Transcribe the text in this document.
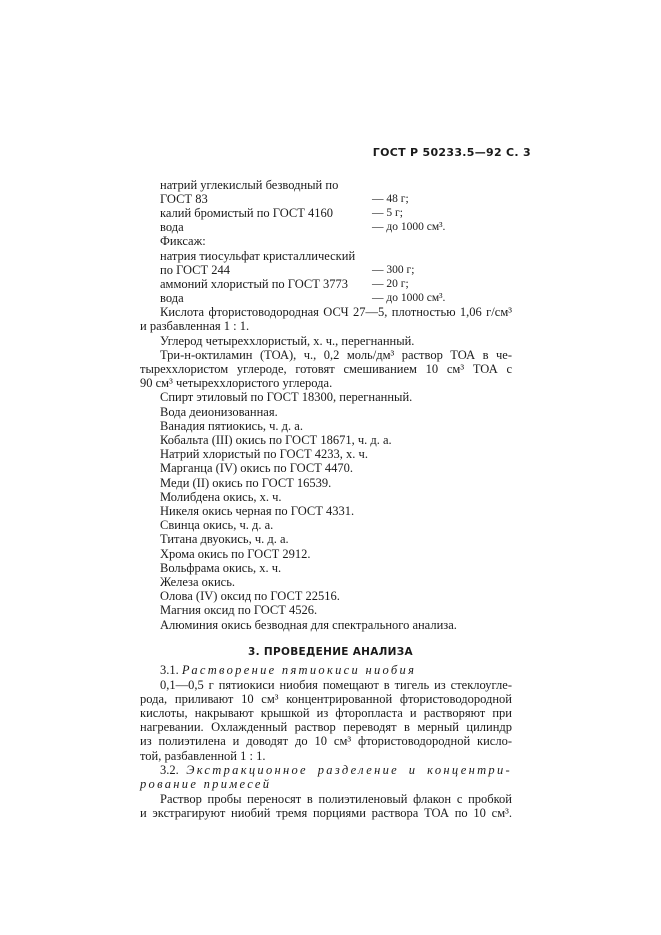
ГОСТ Р 50233.5—92 С. 3
натрий углекислый безводный по
ГОСТ 83	— 48 г;
калий бромистый по ГОСТ 4160	— 5 г;
вода	— до 1000 см³.
Фиксаж:
натрия тиосульфат кристаллический
по ГОСТ 244	— 300 г;
аммоний хлористый по ГОСТ 3773 — 20 г;
вода	— до 1000 см³.
Кислота фтористоводородная ОСЧ 27—5, плотностью 1,06 г/см³
и разбавленная 1 : 1.
Углерод четыреххлористый, х. ч., перегнанный.
Три-н-октиламин (ТОА), ч., 0,2 моль/дм³ раствор ТОА в че-
тыреххлористом углероде, готовят смешиванием 10 см³ ТОА с
90 см³ четыреххлористого углерода.
Спирт этиловый по ГОСТ 18300, перегнанный.
Вода деионизованная.
Ванадия пятиокись, ч. д. а.
Кобальта (III) окись по ГОСТ 18671, ч. д. а.
Натрий хлористый по ГОСТ 4233, х. ч.
Марганца (IV) окись по ГОСТ 4470.
Меди (II) окись по ГОСТ 16539.
Молибдена окись, х. ч.
Никеля окись черная по ГОСТ 4331.
Свинца окись, ч. д. а.
Титана двуокись, ч. д. а.
Хрома окись по ГОСТ 2912.
Вольфрама окись, х. ч.
Железа окись.
Олова (IV) оксид по ГОСТ 22516.
Магния оксид по ГОСТ 4526.
Алюминия окись безводная для спектрального анализа.
3. ПРОВЕДЕНИЕ АНАЛИЗА
3.1. Растворение пятиокиси ниобия
0,1—0,5 г пятиокиси ниобия помещают в тигель из стеклоугле-
рода, приливают 10 см³ концентрированной фтористоводородной
кислоты, накрывают крышкой из фторопласта и растворяют при
нагревании. Охлажденный раствор переводят в мерный цилиндр
из полиэтилена и доводят до 10 см³ фтористоводородной кисло-
той, разбавленной 1 : 1.
3.2. Экстракционное разделение и концентри-
рование примесей
Раствор пробы переносят в полиэтиленовый флакон с пробкой
и экстрагируют ниобий тремя порциями раствора ТОА по 10 см³.
